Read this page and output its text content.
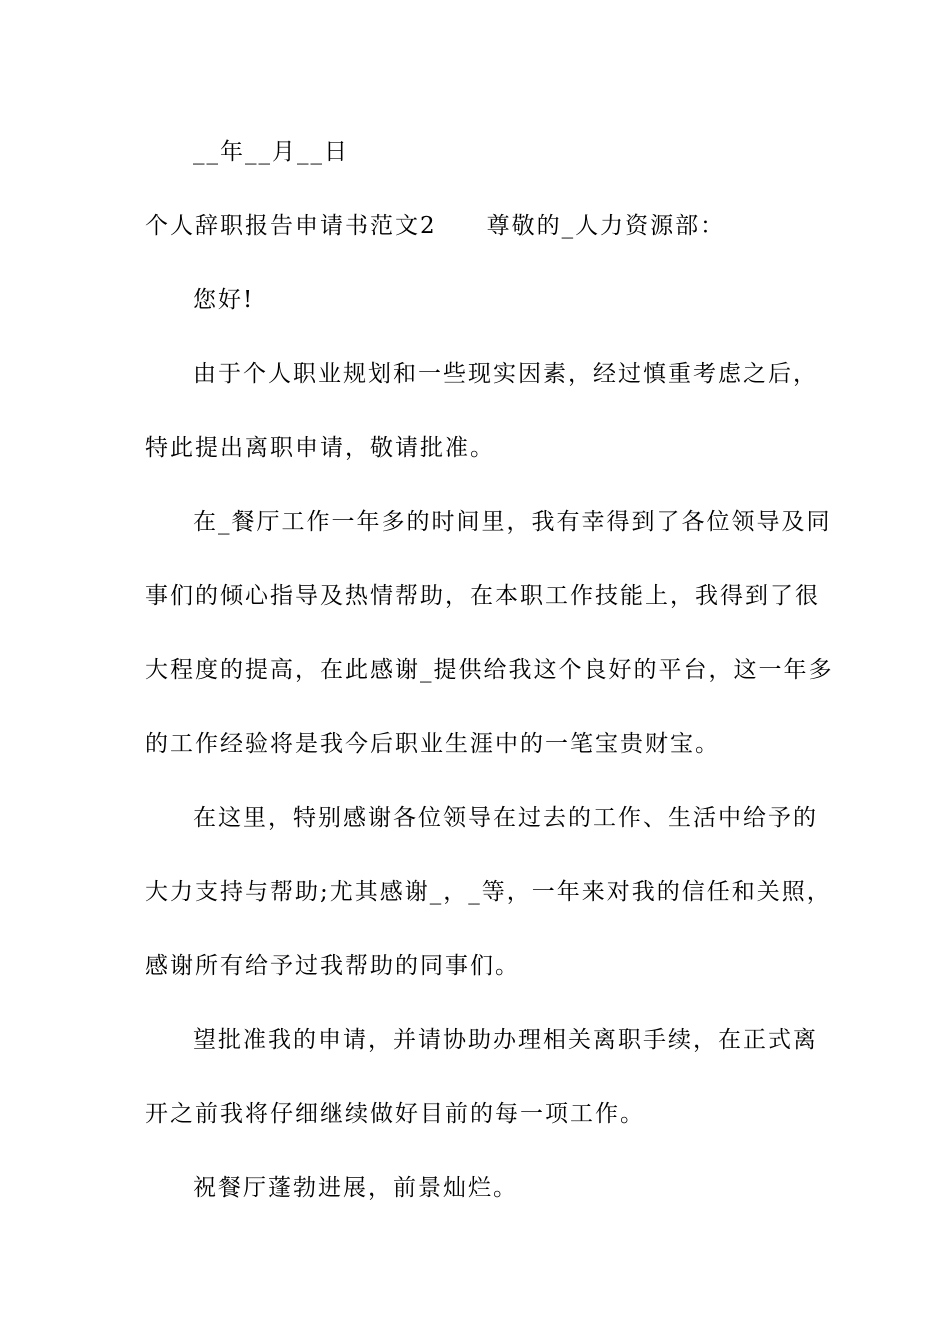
__年__月__日
个人辞职报告申请书范文2　　尊敬的_人力资源部：
您好!
由于个人职业规划和一些现实因素，经过慎重考虑之后，
特此提出离职申请，敬请批准。
在_餐厅工作一年多的时间里，我有幸得到了各位领导及同
事们的倾心指导及热情帮助，在本职工作技能上，我得到了很
大程度的提高，在此感谢_提供给我这个良好的平台，这一年多
的工作经验将是我今后职业生涯中的一笔宝贵财宝。
在这里，特别感谢各位领导在过去的工作、生活中给予的
大力支持与帮助;尤其感谢_，_等，一年来对我的信任和关照，
感谢所有给予过我帮助的同事们。
望批准我的申请，并请协助办理相关离职手续，在正式离
开之前我将仔细继续做好目前的每一项工作。
祝餐厅蓬勃进展，前景灿烂。
